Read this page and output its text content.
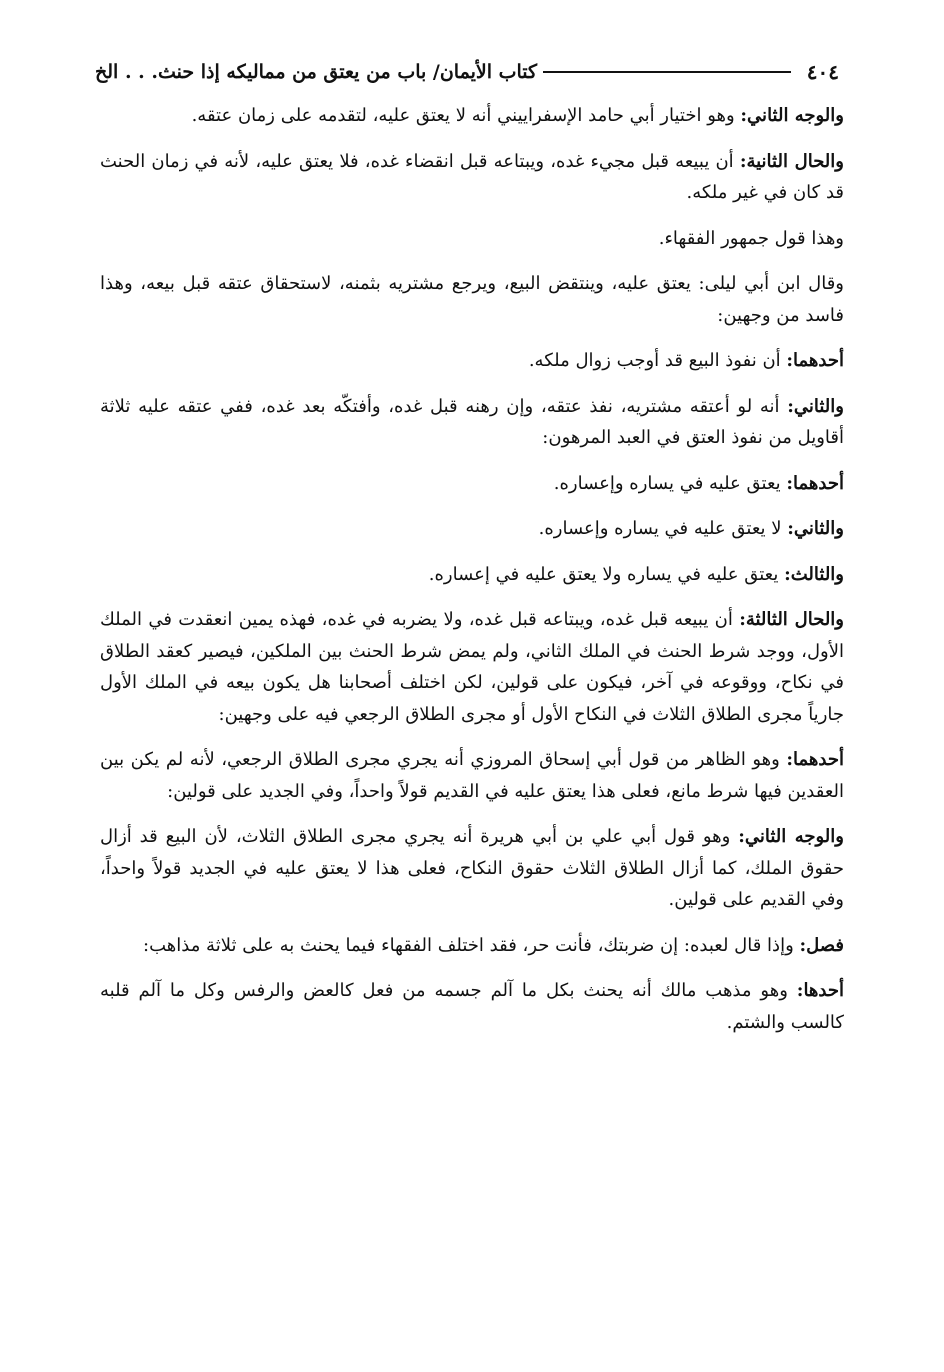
٤٠٤
كتاب الأيمان/ باب من يعتق من مماليكه إذا حنث. . . الخ

والوجه الثاني: وهو اختيار أبي حامد الإسفراييني أنه لا يعتق عليه، لتقدمه على زمان عتقه.

والحال الثانية: أن يبيعه قبل مجيء غده، ويبتاعه قبل انقضاء غده، فلا يعتق عليه، لأنه في زمان الحنث قد كان في غير ملكه.

وهذا قول جمهور الفقهاء.

وقال ابن أبي ليلى: يعتق عليه، وينتقض البيع، ويرجع مشتريه بثمنه، لاستحقاق عتقه قبل بيعه، وهذا فاسد من وجهين:

أحدهما: أن نفوذ البيع قد أوجب زوال ملكه.

والثاني: أنه لو أعتقه مشتريه، نفذ عتقه، وإن رهنه قبل غده، وأفتكّه بعد غده، ففي عتقه عليه ثلاثة أقاويل من نفوذ العتق في العبد المرهون:

أحدهما: يعتق عليه في يساره وإعساره.

والثاني: لا يعتق عليه في يساره وإعساره.

والثالث: يعتق عليه في يساره ولا يعتق عليه في إعساره.

والحال الثالثة: أن يبيعه قبل غده، ويبتاعه قبل غده، ولا يضربه في غده، فهذه يمين انعقدت في الملك الأول، ووجد شرط الحنث في الملك الثاني، ولم يمض شرط الحنث بين الملكين، فيصير كعقد الطلاق في نكاح، ووقوعه في آخر، فيكون على قولين، لكن اختلف أصحابنا هل يكون بيعه في الملك الأول جارياً مجرى الطلاق الثلاث في النكاح الأول أو مجرى الطلاق الرجعي فيه على وجهين:

أحدهما: وهو الظاهر من قول أبي إسحاق المروزي أنه يجري مجرى الطلاق الرجعي، لأنه لم يكن بين العقدين فيها شرط مانع، فعلى هذا يعتق عليه في القديم قولاً واحداً، وفي الجديد على قولين:

والوجه الثاني: وهو قول أبي علي بن أبي هريرة أنه يجري مجرى الطلاق الثلاث، لأن البيع قد أزال حقوق الملك، كما أزال الطلاق الثلاث حقوق النكاح، فعلى هذا لا يعتق عليه في الجديد قولاً واحداً، وفي القديم على قولين.

فصل: وإذا قال لعبده: إن ضربتك، فأنت حر، فقد اختلف الفقهاء فيما يحنث به على ثلاثة مذاهب:

أحدها: وهو مذهب مالك أنه يحنث بكل ما آلم جسمه من فعل كالعض والرفس وكل ما آلم قلبه كالسب والشتم.
